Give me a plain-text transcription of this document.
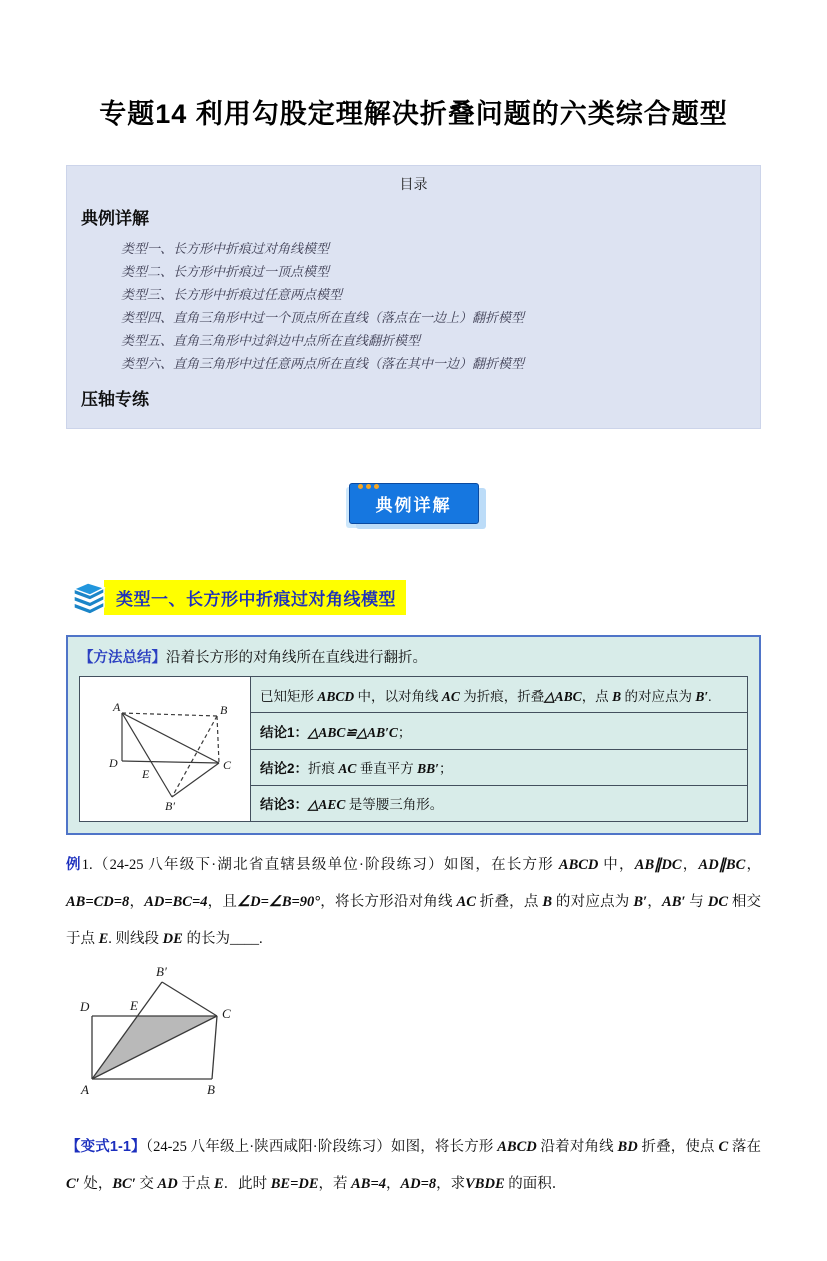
专题14 利用勾股定理解决折叠问题的六类综合题型
目录
典例详解
类型一、长方形中折痕过对角线模型
类型二、长方形中折痕过一顶点模型
类型三、长方形中折痕过任意两点模型
类型四、直角三角形中过一个顶点所在直线（落点在一边上）翻折模型
类型五、直角三角形中过斜边中点所在直线翻折模型
类型六、直角三角形中过任意两点所在直线（落在其中一边）翻折模型
压轴专练
典例详解
类型一、长方形中折痕过对角线模型
【方法总结】沿着长方形的对角线所在直线进行翻折。
A	B
D	C
E
B′
	已知矩形 ABCD 中，以对角线 AC 为折痕，折叠△ABC，点 B 的对应点为 B′.
结论1：△ABC≌△AB′C；
结论2：折痕 AC 垂直平方 BB′；
结论3：△AEC 是等腰三角形。

例1.（24-25 八年级下·湖北省直辖县级单位·阶段练习）如图，在长方形 ABCD 中，AB∥DC，AD∥BC，AB=CD=8，AD=BC=4，且∠D=∠B=90°，将长方形沿对角线 AC 折叠，点 B 的对应点为 B′，AB′ 与 DC 相交于点 E. 则线段 DE 的长为____.

D	E
C
A	B
B′

【变式1-1】（24-25 八年级上·陕西咸阳·阶段练习）如图，将长方形 ABCD 沿着对角线 BD 折叠，使点 C 落在 C′ 处，BC′ 交 AD 于点 E．此时 BE=DE，若 AB=4，AD=8，求VBDE 的面积．
